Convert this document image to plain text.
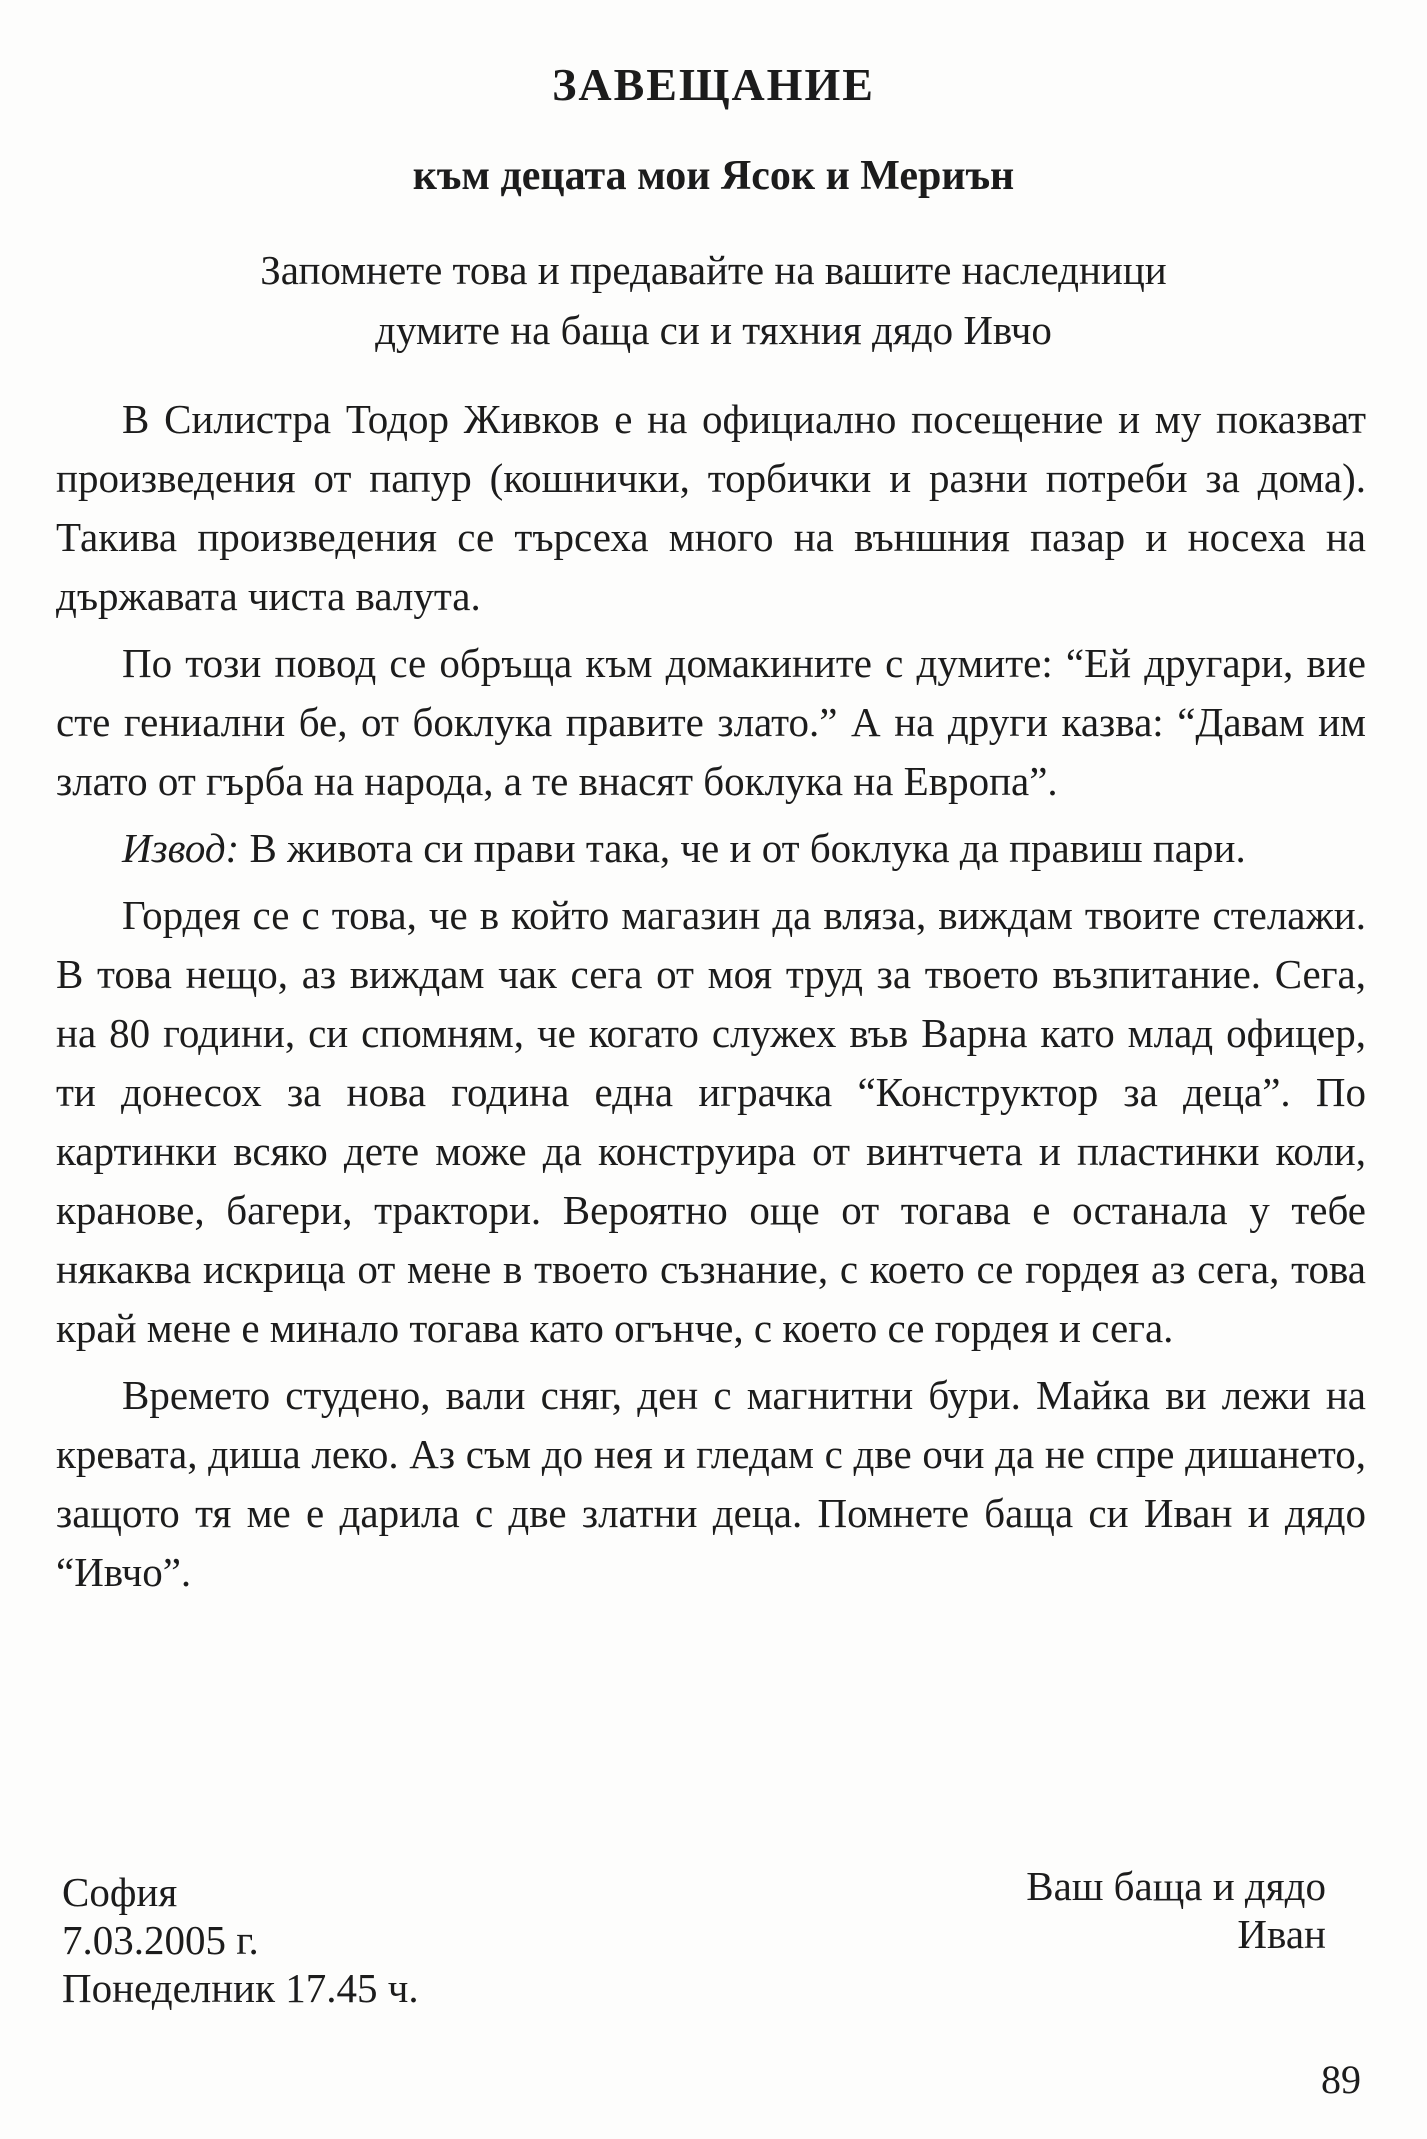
ЗАВЕЩАНИЕ
към децата мои Ясок и Мериън
Запомнете това и предавайте на вашите наследници
думите на баща си и тяхния дядо Ивчо

В Силистра Тодор Живков е на официално посещение и му показват произведения от папур (кошнички, торбички и разни потреби за дома). Такива произведения се търсеха много на външния пазар и носеха на държавата чиста валута.

По този повод се обръща към домакините с думите: “Ей другари, вие сте гениални бе, от боклука правите злато.” А на други казва: “Давам им злато от гърба на народа, а те внасят боклука на Европа”.

Извод: В живота си прави така, че и от боклука да правиш пари.

Гордея се с това, че в който магазин да вляза, виждам твоите стелажи. В това нещо, аз виждам чак сега от моя труд за твоето възпитание. Сега, на 80 години, си спомням, че когато служех във Варна като млад офицер, ти донесох за нова година една играчка “Конструктор за деца”. По картинки всяко дете може да конструира от винтчета и пластинки коли, кранове, багери, трактори. Вероятно още от тогава е останала у тебе някаква искрица от мене в твоето съзнание, с което се гордея аз сега, това край мене е минало тогава като огънче, с което се гордея и сега.

Времето студено, вали сняг, ден с магнитни бури. Майка ви лежи на кревата, диша леко. Аз съм до нея и гледам с две очи да не спре дишането, защото тя ме е дарила с две златни деца. Помнете баща си Иван и дядо “Ивчо”.

София
7.03.2005 г.
Понеделник 17.45 ч.
Ваш баща и дядо
Иван
89
